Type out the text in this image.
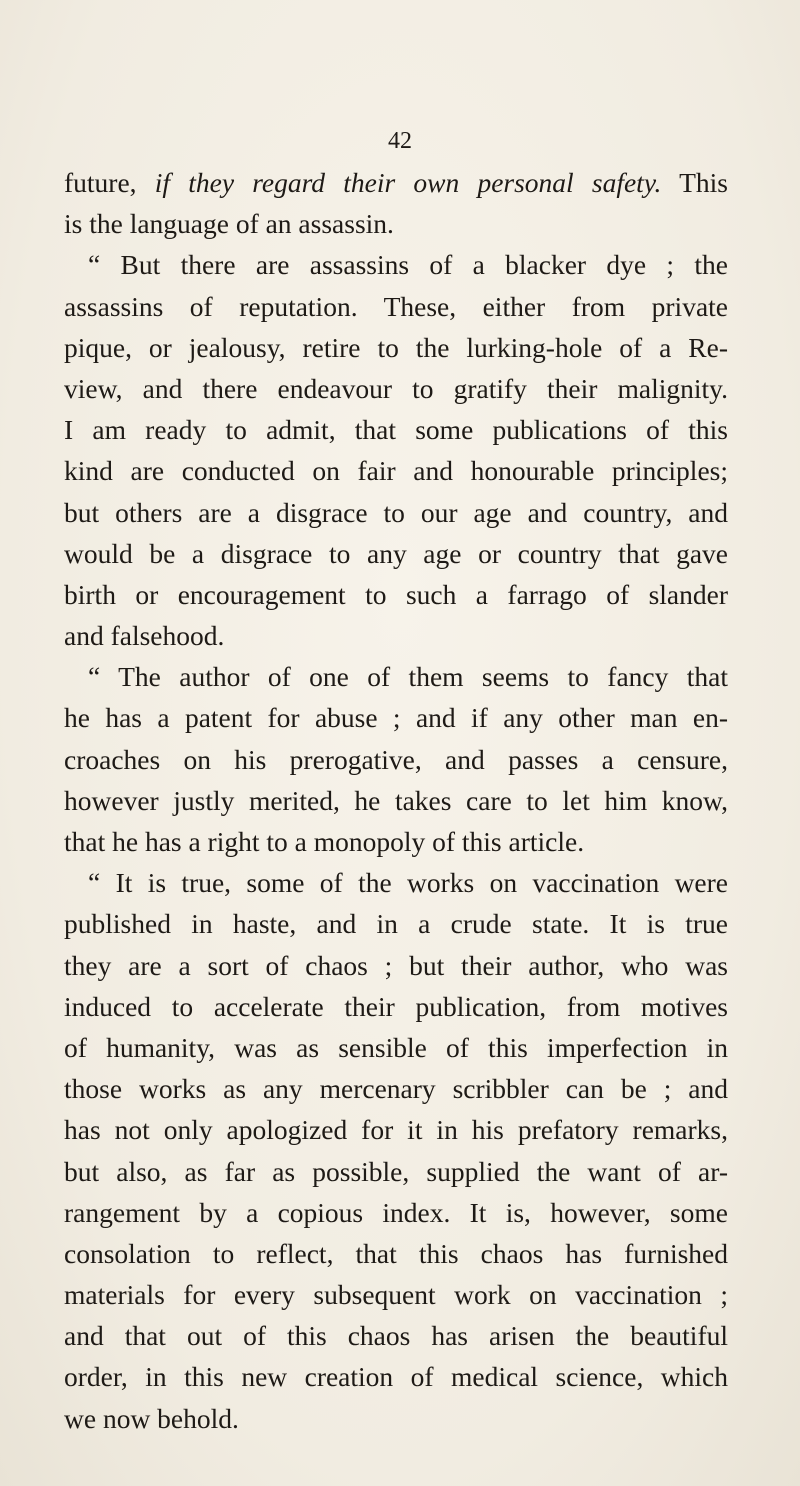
42
future, if they regard their own personal safety. This
is the language of an assassin.
“ But there are assassins of a blacker dye ; the
assassins of reputation. These, either from private
pique, or jealousy, retire to the lurking-hole of a Re-
view, and there endeavour to gratify their malignity.
I am ready to admit, that some publications of this
kind are conducted on fair and honourable principles;
but others are a disgrace to our age and country, and
would be a disgrace to any age or country that gave
birth or encouragement to such a farrago of slander
and falsehood.
“ The author of one of them seems to fancy that
he has a patent for abuse ; and if any other man en-
croaches on his prerogative, and passes a censure,
however justly merited, he takes care to let him know,
that he has a right to a monopoly of this article.
“ It is true, some of the works on vaccination were
published in haste, and in a crude state. It is true
they are a sort of chaos ; but their author, who was
induced to accelerate their publication, from motives
of humanity, was as sensible of this imperfection in
those works as any mercenary scribbler can be ; and
has not only apologized for it in his prefatory remarks,
but also, as far as possible, supplied the want of ar-
rangement by a copious index. It is, however, some
consolation to reflect, that this chaos has furnished
materials for every subsequent work on vaccination ;
and that out of this chaos has arisen the beautiful
order, in this new creation of medical science, which
we now behold.
